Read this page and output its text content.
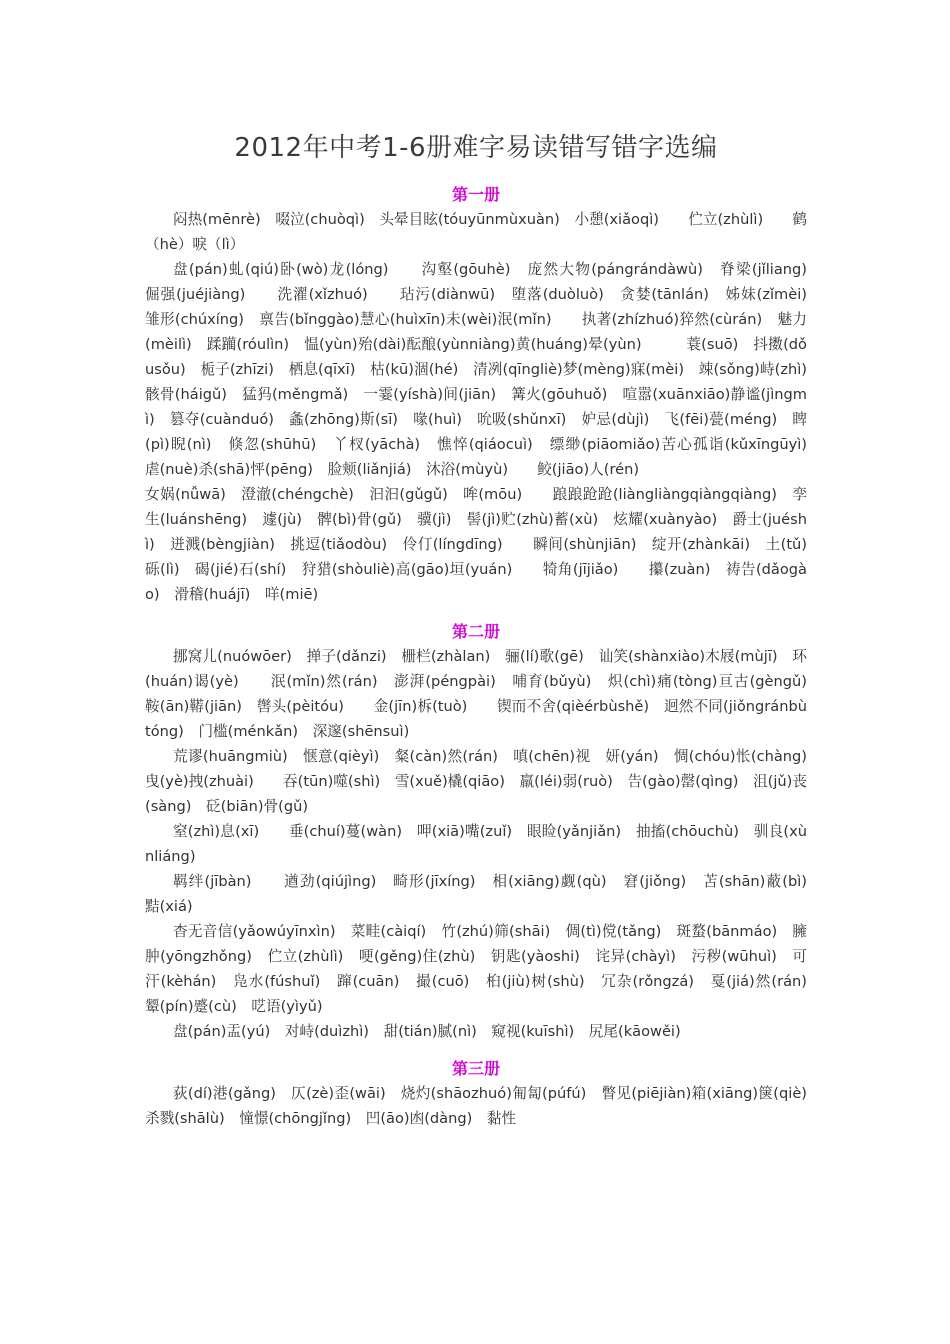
2012年中考1-6册难字易读错写错字选编
第一册

闷热(mēnrè)　啜泣(chuòqì)　头晕目眩(tóuyūnmùxuàn)　小憩(xiǎoqì)　　伫立(zhùlì)　　鹤（hè）唳（lì）

盘(pán)虬(qiú)卧(wò)龙(lóng)　　沟壑(gōuhè)　庞然大物(pángrándàwù)　脊梁(jǐliang)　　倔强(juéjiàng)　　洗濯(xǐzhuó)　　玷污(diànwū)　堕落(duòluò)　贪婪(tānlán)　姊妹(zǐmèi)　雏形(chúxíng)　禀告(bǐnggào)慧心(huìxīn)未(wèi)泯(mǐn)　　执著(zhízhuó)猝然(cùrán)　魅力(mèilì)　蹂躏(róulìn)　愠(yùn)殆(dài)酝酿(yùnniàng)黄(huáng)晕(yùn)　　　蓑(suō)　抖擞(dǒusǒu)　栀子(zhīzi)　栖息(qīxī)　枯(kū)涸(hé)　清冽(qīngliè)梦(mèng)寐(mèi)　竦(sǒng)峙(zhì)　　骸骨(háigǔ)　猛犸(měngmǎ)　一霎(yíshà)间(jiān)　篝火(gōuhuǒ)　喧嚣(xuānxiāo)静谧(jìngmì)　篡夺(cuànduó)　螽(zhōng)斯(sī)　喙(huì)　吮吸(shǔnxī)　妒忌(dùjì)　飞(fēi)甍(méng)　睥(pì)睨(nì)　倏忽(shūhū)　丫杈(yāchà)　憔悴(qiáocuì)　缥缈(piāomiǎo)苦心孤诣(kǔxīngūyì)　虐(nuè)杀(shā)怦(pēng)　脸颊(liǎnjiá)　沐浴(mùyù)　　鲛(jiāo)人(rén)

女娲(nǚwā)　澄澈(chéngchè)　汩汩(gǔgǔ)　哞(mōu)　　踉踉跄跄(liàngliàngqiàngqiàng)　孪生(luánshēng)　遽(jù)　髀(bì)骨(gǔ)　骥(jì)　髻(jì)贮(zhù)蓄(xù)　炫耀(xuànyào)　爵士(juéshì)　迸溅(bèngjiàn)　挑逗(tiǎodòu)　伶仃(língdīng)　　瞬间(shùnjiān)　绽开(zhànkāi)　土(tǔ)砾(lì)　碣(jié)石(shí)　狩猎(shòuliè)高(gāo)垣(yuán)　　犄角(jījiǎo)　　攥(zuàn)　祷告(dǎogào)　滑稽(huájī)　咩(miē)

第二册

挪窝儿(nuówōer)　掸子(dǎnzi)　栅栏(zhàlan)　骊(lí)歌(gē)　讪笑(shànxiào)木屐(mùjī)　环(huán)谒(yè)　　泯(mǐn)然(rán)　澎湃(péngpài)　哺育(bǔyù)　炽(chì)痛(tòng)亘古(gèngǔ)　鞍(ān)鞯(jiān)　辔头(pèitóu)　　金(jīn)柝(tuò)　　锲而不舍(qièérbùshě)　迥然不同(jiǒngránbùtóng)　门槛(ménkǎn)　深邃(shēnsuì)

荒谬(huāngmiù)　惬意(qièyì)　粲(càn)然(rán)　嗔(chēn)视　妍(yán)　惆(chóu)怅(chàng)　曳(yè)拽(zhuài)　　吞(tūn)噬(shì)　雪(xuě)橇(qiāo)　羸(léi)弱(ruò)　告(gào)罄(qìng)　沮(jǔ)丧(sàng)　砭(biān)骨(gǔ)

窒(zhì)息(xī)　　垂(chuí)蔓(wàn)　呷(xiā)嘴(zuǐ)　眼睑(yǎnjiǎn)　抽搐(chōuchù)　驯良(xùnliáng)

羁绊(jībàn)　　遒劲(qiújìng)　畸形(jīxíng)　相(xiāng)觑(qù)　窘(jiǒng)　苫(shān)蔽(bì)　黠(xiá)

杳无音信(yǎowúyīnxìn)　菜畦(càiqí)　竹(zhú)筛(shāi)　倜(tì)傥(tǎng)　斑蝥(bānmáo)　臃肿(yōngzhǒng)　伫立(zhùlì)　哽(gěng)住(zhù)　钥匙(yàoshi)　诧异(chàyì)　污秽(wūhuì)　可汗(kèhán)　凫水(fúshuǐ)　蹿(cuān)　撮(cuō)　桕(jiù)树(shù)　冗杂(rǒngzá)　戛(jiá)然(rán)　颦(pín)蹙(cù)　呓语(yìyǔ)

盘(pán)盂(yú)　对峙(duìzhì)　甜(tián)腻(nì)　窥视(kuīshì)　尻尾(kāowěi)

第三册

荻(dí)港(gǎng)　仄(zè)歪(wāi)　烧灼(shāozhuó)匍匐(púfú)　瞥见(piējiàn)箱(xiāng)箧(qiè)　杀戮(shālù)　憧憬(chōngjǐng)　凹(āo)凼(dàng)　黏性
